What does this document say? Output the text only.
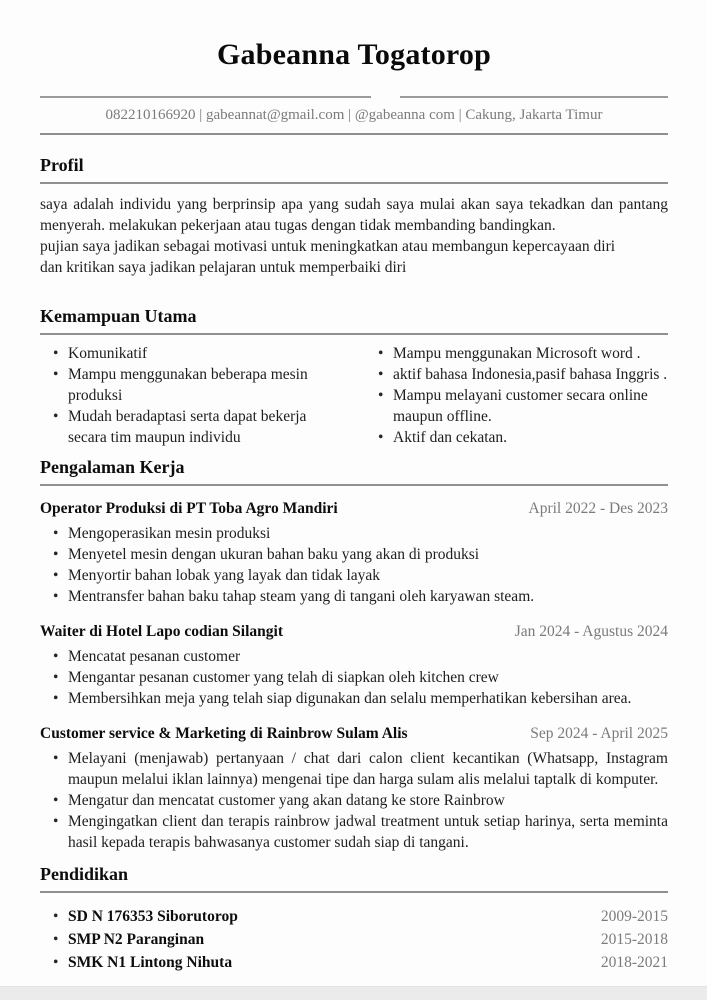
Gabeanna Togatorop
082210166920 | gabeannat@gmail.com | @gabeanna com | Cakung, Jakarta Timur
Profil

saya adalah individu yang berprinsip apa yang sudah saya mulai akan saya tekadkan dan pantang menyerah. melakukan pekerjaan atau tugas dengan tidak membanding bandingkan.

pujian saya jadikan sebagai motivasi untuk meningkatkan atau membangun kepercayaan diri

dan kritikan saya jadikan pelajaran untuk memperbaiki diri

Kemampuan Utama
• Komunikatif
• Mampu menggunakan beberapa mesin produksi
• Mudah beradaptasi serta dapat bekerja secara tim maupun individu
• Mampu menggunakan Microsoft word .
• aktif bahasa Indonesia,pasif bahasa Inggris .
• Mampu melayani customer secara online maupun offline.
• Aktif dan cekatan.
Pengalaman Kerja
Operator Produksi di PT Toba Agro Mandiri	April 2022 - Des 2023
• Mengoperasikan mesin produksi
• Menyetel mesin dengan ukuran bahan baku yang akan di produksi
• Menyortir bahan lobak yang layak dan tidak layak
• Mentransfer bahan baku tahap steam yang di tangani oleh karyawan steam.
Waiter di Hotel Lapo codian Silangit	Jan 2024 - Agustus 2024
• Mencatat pesanan customer
• Mengantar pesanan customer yang telah di siapkan oleh kitchen crew
• Membersihkan meja yang telah siap digunakan dan selalu memperhatikan kebersihan area.
Customer service & Marketing di Rainbrow Sulam Alis	Sep 2024 - April 2025
• Melayani (menjawab) pertanyaan / chat dari calon client kecantikan (Whatsapp, Instagram maupun melalui iklan lainnya) mengenai tipe dan harga sulam alis melalui taptalk di komputer.
• Mengatur dan mencatat customer yang akan datang ke store Rainbrow
• Mengingatkan client dan terapis rainbrow jadwal treatment untuk setiap harinya, serta meminta hasil kepada terapis bahwasanya customer sudah siap di tangani.
Pendidikan
• SD N 176353 Siborutorop	2009-2015
• SMP N2 Paranginan	2015-2018
• SMK N1 Lintong Nihuta	2018-2021
